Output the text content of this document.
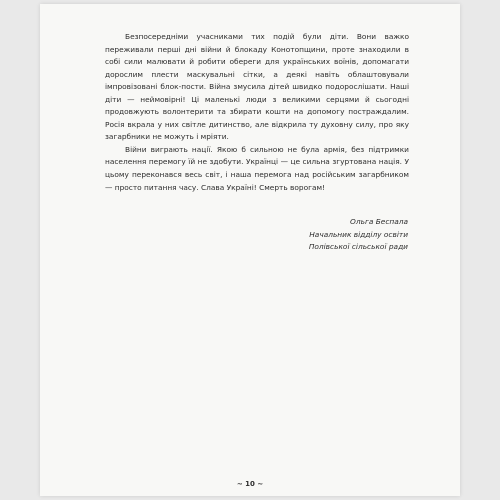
Безпосередніми учасниками тих подій були діти. Вони важко переживали перші дні війни й блокаду Конотопщини, проте знаходили в собі сили малювати й робити обереги для українських воїнів, допомагати дорослим плести маскувальні сітки, а деякі навіть облаштовували імпровізовані блок-пости. Війна змусила дітей швидко подорослішати. Наші діти — неймовірні! Ці маленькі люди з великими серцями й сьогодні продовжують волонтерити та збирати кошти на допомогу постраждалим. Росія вкрала у них світле дитинство, але відкрила ту духовну силу, про яку загарбники не можуть і мріяти.

Війни виграють нації. Якою б сильною не була армія, без підтримки населення перемогу їй не здобути. Українці — це сильна згуртована нація. У цьому переконався весь світ, і наша перемога над російським загарбником — просто питання часу. Слава Україні! Смерть ворогам!

Ольга Беспала
Начальник відділу освіти
Полівської сільської ради
~ 10 ~
